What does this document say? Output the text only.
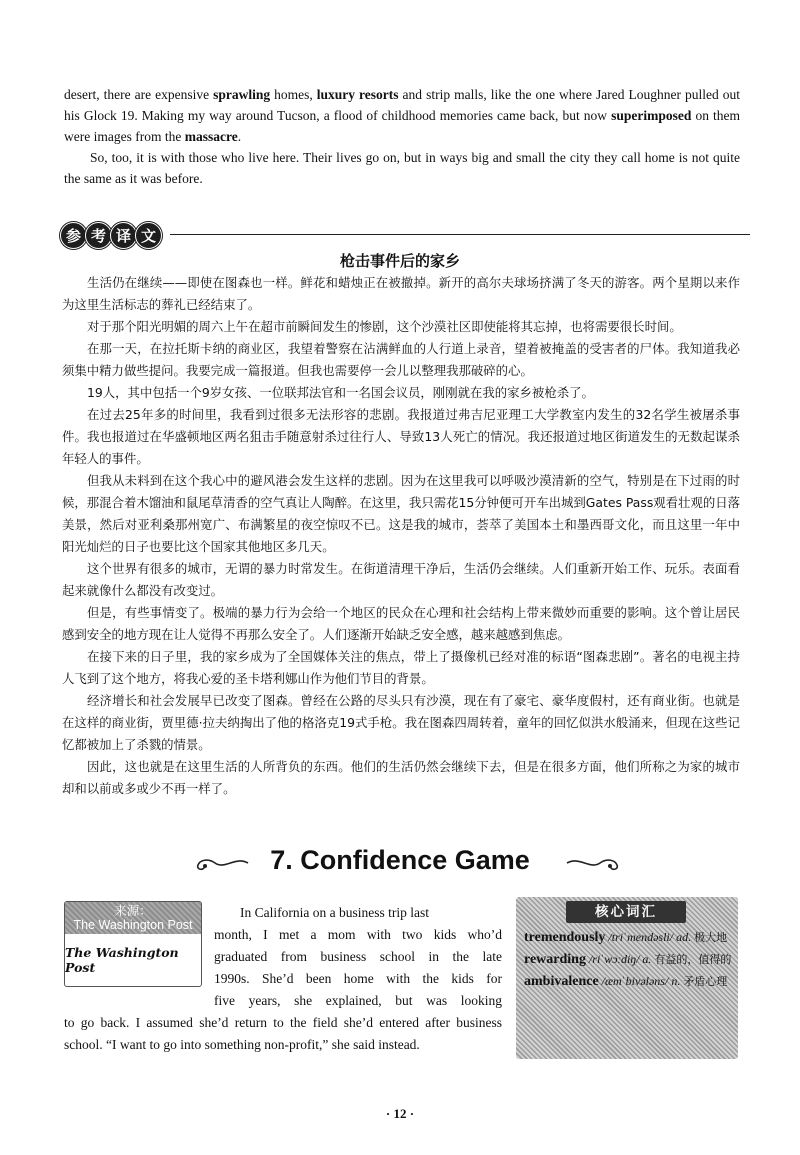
desert, there are expensive sprawling homes, luxury resorts and strip malls, like the one where Jared Loughner pulled out his Glock 19. Making my way around Tucson, a flood of childhood memories came back, but now superimposed on them were images from the massacre.

So, too, it is with those who live here. Their lives go on, but in ways big and small the city they call home is not quite the same as it was before.

参 考 译 文
枪击事件后的家乡

生活仍在继续——即使在图森也一样。鲜花和蜡烛正在被撤掉。新开的高尔夫球场挤满了冬天的游客。两个星期以来作为这里生活标志的葬礼已经结束了。

对于那个阳光明媚的周六上午在超市前瞬间发生的惨剧，这个沙漠社区即使能将其忘掉，也将需要很长时间。

在那一天，在拉托斯卡纳的商业区，我望着警察在沾满鲜血的人行道上录音，望着被掩盖的受害者的尸体。我知道我必须集中精力做些提问。我要完成一篇报道。但我也需要停一会儿以整理我那破碎的心。

19人，其中包括一个9岁女孩、一位联邦法官和一名国会议员，刚刚就在我的家乡被枪杀了。

在过去25年多的时间里，我看到过很多无法形容的悲剧。我报道过弗吉尼亚理工大学教室内发生的32名学生被屠杀事件。我也报道过在华盛顿地区两名狙击手随意射杀过往行人、导致13人死亡的情况。我还报道过地区街道发生的无数起谋杀年轻人的事件。

但我从未料到在这个我心中的避风港会发生这样的悲剧。因为在这里我可以呼吸沙漠清新的空气，特别是在下过雨的时候，那混合着木馏油和鼠尾草清香的空气真让人陶醉。在这里，我只需花15分钟便可开车出城到Gates Pass观看壮观的日落美景，然后对亚利桑那州宽广、布满繁星的夜空惊叹不已。这是我的城市，荟萃了美国本土和墨西哥文化，而且这里一年中阳光灿烂的日子也要比这个国家其他地区多几天。

这个世界有很多的城市，无谓的暴力时常发生。在街道清理干净后，生活仍会继续。人们重新开始工作、玩乐。表面看起来就像什么都没有改变过。

但是，有些事情变了。极端的暴力行为会给一个地区的民众在心理和社会结构上带来微妙而重要的影响。这个曾让居民感到安全的地方现在让人觉得不再那么安全了。人们逐渐开始缺乏安全感，越来越感到焦虑。

在接下来的日子里，我的家乡成为了全国媒体关注的焦点，带上了摄像机已经对准的标语“图森悲剧”。著名的电视主持人飞到了这个地方，将我心爱的圣卡塔利娜山作为他们节目的背景。

经济增长和社会发展早已改变了图森。曾经在公路的尽头只有沙漠，现在有了豪宅、豪华度假村，还有商业街。也就是在这样的商业街，贾里德·拉夫纳掏出了他的格洛克19式手枪。我在图森四周转着，童年的回忆似洪水般涌来，但现在这些记忆都被加上了杀戮的情景。

因此，这也就是在这里生活的人所背负的东西。他们的生活仍然会继续下去，但是在很多方面，他们所称之为家的城市却和以前或多或少不再一样了。

7. Confidence Game
来源：
The Washington Post
The Washington Post
In California on a business trip last
month, I met a mom with two kids who’d
graduated from business school in the late
1990s. She’d been home with the kids for
five years, she explained, but was looking
to go back. I assumed she’d return to the field she’d entered after business school. “I want to go into something non-profit,” she said instead.
核心词汇
tremendously /triˈmendəsli/ ad. 极大地
rewarding /riˈwɔːdiŋ/ a. 有益的，值得的
ambivalence /æmˈbivələns/ n. 矛盾心理
· 12 ·
